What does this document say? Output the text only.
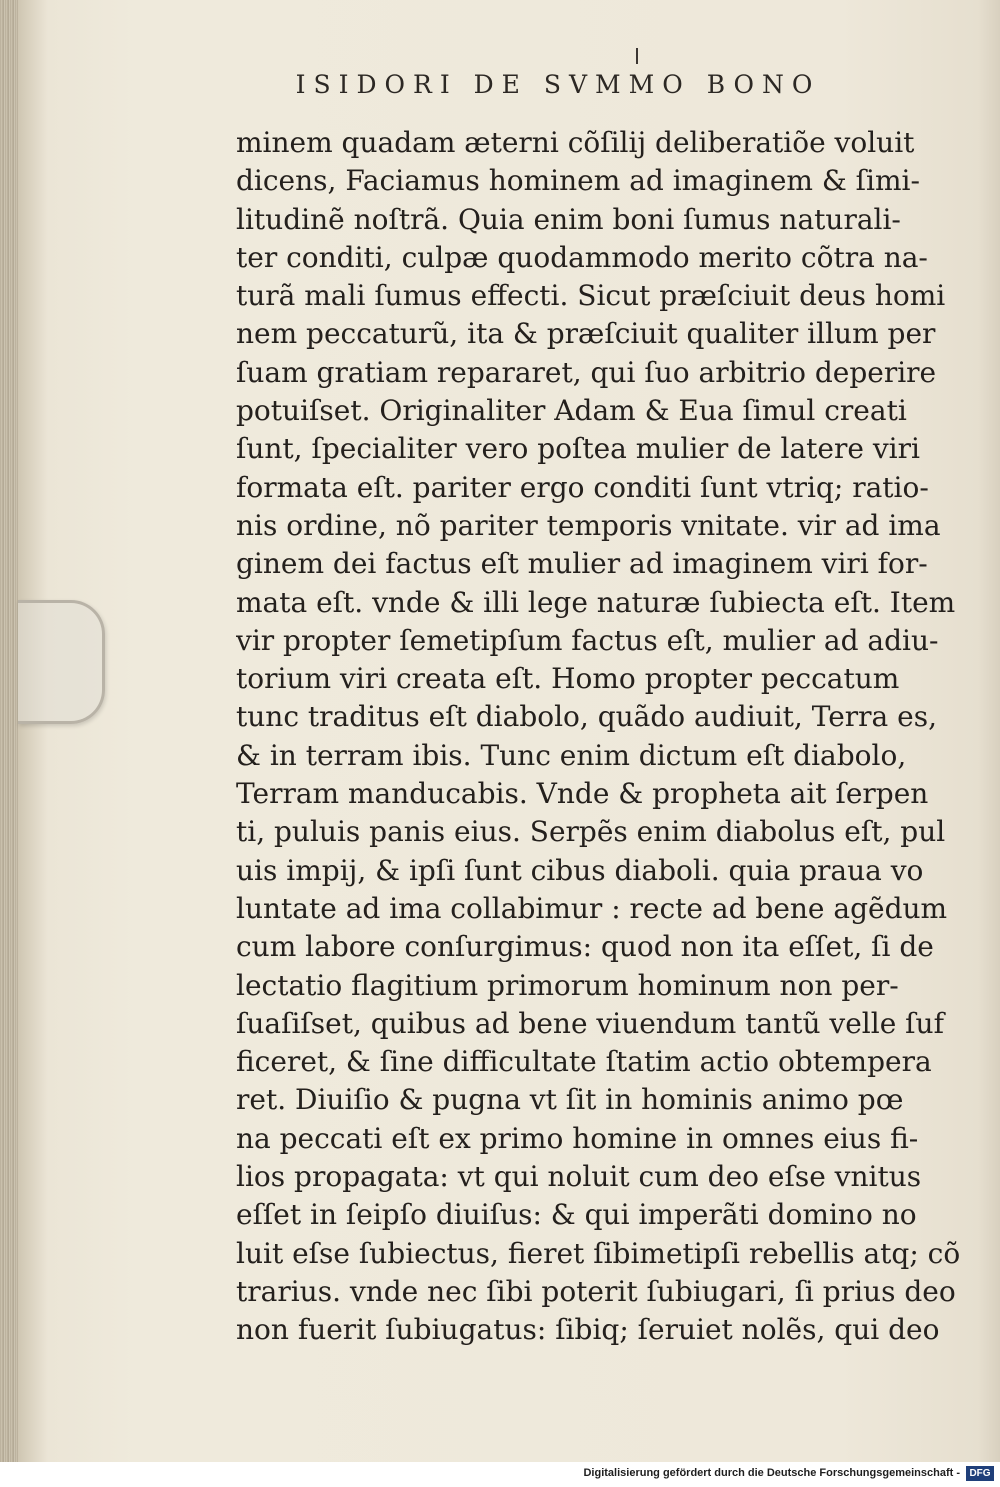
ISIDORI DE SVMMO BONO
minem quadam æterni cõſilij deliberatiõe voluit
dicens, Faciamus hominem ad imaginem & ſimi-
litudinẽ noſtrã. Quia enim boni ſumus naturali-
ter conditi, culpæ quodammodo merito cõtra na-
turã mali ſumus effecti. Sicut præſciuit deus homi
nem peccaturũ, ita & præſciuit qualiter illum per
ſuam gratiam repararet, qui ſuo arbitrio deperire
potuiſset. Originaliter Adam & Eua ſimul creati
ſunt, ſpecialiter vero poſtea mulier de latere viri
formata eſt. pariter ergo conditi ſunt vtriq; ratio-
nis ordine, nõ pariter temporis vnitate. vir ad ima
ginem dei factus eſt mulier ad imaginem viri for-
mata eſt. vnde & illi lege naturæ ſubiecta eſt. Item
vir propter ſemetipſum factus eſt, mulier ad adiu-
torium viri creata eſt. Homo propter peccatum
tunc traditus eſt diabolo, quãdo audiuit, Terra es,
& in terram ibis. Tunc enim dictum eſt diabolo,
Terram manducabis. Vnde & propheta ait ſerpen
ti, puluis panis eius. Serpẽs enim diabolus eſt, pul
uis impij, & ipſi ſunt cibus diaboli. quia praua vo
luntate ad ima collabimur : recte ad bene agẽdum
cum labore conſurgimus: quod non ita eſſet, ſi de
lectatio flagitium primorum hominum non per-
ſuaſiſset, quibus ad bene viuendum tantũ velle ſuf
ficeret, & ſine difficultate ſtatim actio obtempera
ret. Diuiſio & pugna vt ſit in hominis animo pœ
na peccati eſt ex primo homine in omnes eius fi-
lios propagata: vt qui noluit cum deo eſse vnitus
eſſet in ſeipſo diuiſus: & qui imperãti domino no
luit eſse ſubiectus, fieret ſibimetipſi rebellis atq; cõ
trarius. vnde nec ſibi poterit ſubiugari, ſi prius deo
non fuerit ſubiugatus: ſibiq; ſeruiet nolẽs, qui deo
Digitalisierung gefördert durch die Deutsche Forschungsgemeinschaft - DFG
